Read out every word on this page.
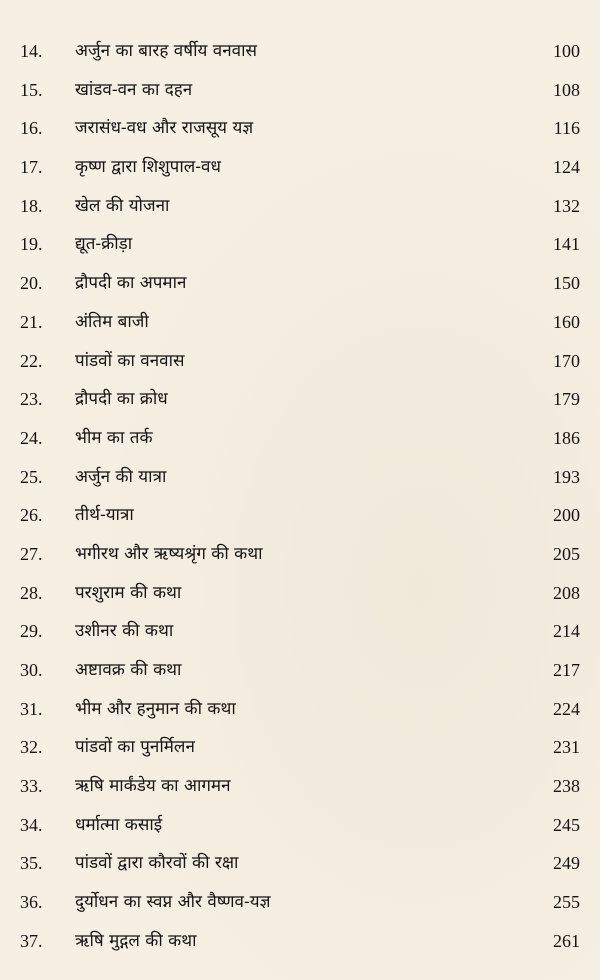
14.	अर्जुन का बारह वर्षीय वनवास	100
15.	खांडव-वन का दहन	108
16.	जरासंध-वध और राजसूय यज्ञ	116
17.	कृष्ण द्वारा शिशुपाल-वध	124
18.	खेल की योजना	132
19.	द्यूत-क्रीड़ा	141
20.	द्रौपदी का अपमान	150
21.	अंतिम बाजी	160
22.	पांडवों का वनवास	170
23.	द्रौपदी का क्रोध	179
24.	भीम का तर्क	186
25.	अर्जुन की यात्रा	193
26.	तीर्थ-यात्रा	200
27.	भगीरथ और ऋष्यश्रृंग की कथा	205
28.	परशुराम की कथा	208
29.	उशीनर की कथा	214
30.	अष्टावक्र की कथा	217
31.	भीम और हनुमान की कथा	224
32.	पांडवों का पुनर्मिलन	231
33.	ऋषि मार्कंडेय का आगमन	238
34.	धर्मात्मा कसाई	245
35.	पांडवों द्वारा कौरवों की रक्षा	249
36.	दुर्योधन का स्वप्न और वैष्णव-यज्ञ	255
37.	ऋषि मुद्गल की कथा	261
